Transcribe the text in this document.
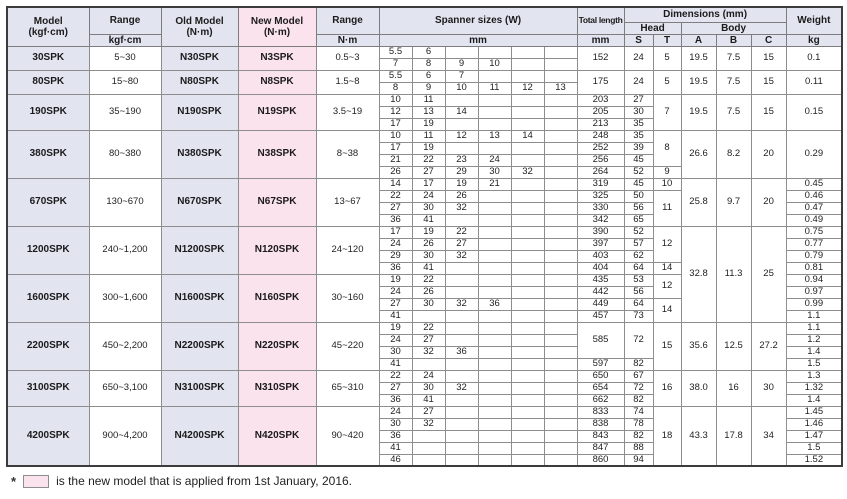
Model
(kgf·cm)
	Range	Old Model
(N·m)

New Model
(N·m)
	Range	Spanner sizes (W)	Total length	Dimensions (mm)	Weight
												Head		Body			
	kgf·cm			N·m	mm						mm	S	T	A	B	C	kg
30SPK	5~30	N30SPK	N3SPK	0.5~3	5.5	6					152	24	5	19.5	7.5	15	0.1
					7	8	9	10									
80SPK	15~80	N80SPK	N8SPK	1.5~8	5.5	6	7				175	24	5	19.5	7.5	15	0.11
					8	9	10	11	12	13							
190SPK	35~190	N190SPK	N19SPK	3.5~19	10	11					203	27	7	19.5	7.5	15	0.15
					12	13	14				205	30					
					17	19					213	35					
380SPK	80~380	N380SPK	N38SPK	8~38	10	11	12	13	14		248	35	8	26.6	8.2	20	0.29
					17	19					252	39					
					21	22	23	24			256	45					
					26	27	29	30	32		264	52	9				
670SPK	130~670	N670SPK	N67SPK	13~67	14	17	19	21			319	45	10	25.8	9.7	20	0.45
					22	24	26				325	50	11				0.46
					27	30	32				330	56					0.47
					36	41					342	65					0.49
1200SPK	240~1,200	N1200SPK	N120SPK	24~120	17	19	22				390	52	12	32.8	11.3	25	0.75
					24	26	27				397	57					0.77
					29	30	32				403	62					0.79
					36	41					404	64	14				0.81
1600SPK	300~1,600	N1600SPK	N160SPK	30~160	19	22					435	53	12				0.94
					24	26					442	56					0.97
					27	30	32	36			449	64	14				0.99
					41						457	73					1.1
2200SPK	450~2,200	N2200SPK	N220SPK	45~220	19	22					585	72	15	35.6	12.5	27.2	1.1
					24	27											1.2
					30	32	36										1.4
					41						597	82					1.5
3100SPK	650~3,100	N3100SPK	N310SPK	65~310	22	24					650	67	16	38.0	16	30	1.3
					27	30	32				654	72					1.32
					36	41					662	82					1.4
4200SPK	900~4,200	N4200SPK	N420SPK	90~420	24	27					833	74	18	43.3	17.8	34	1.45
					30	32					838	78					1.46
					36						843	82					1.47
					41						847	88					1.5
					46						860	94					1.52
*	is the new model that is applied from 1st January, 2016.
